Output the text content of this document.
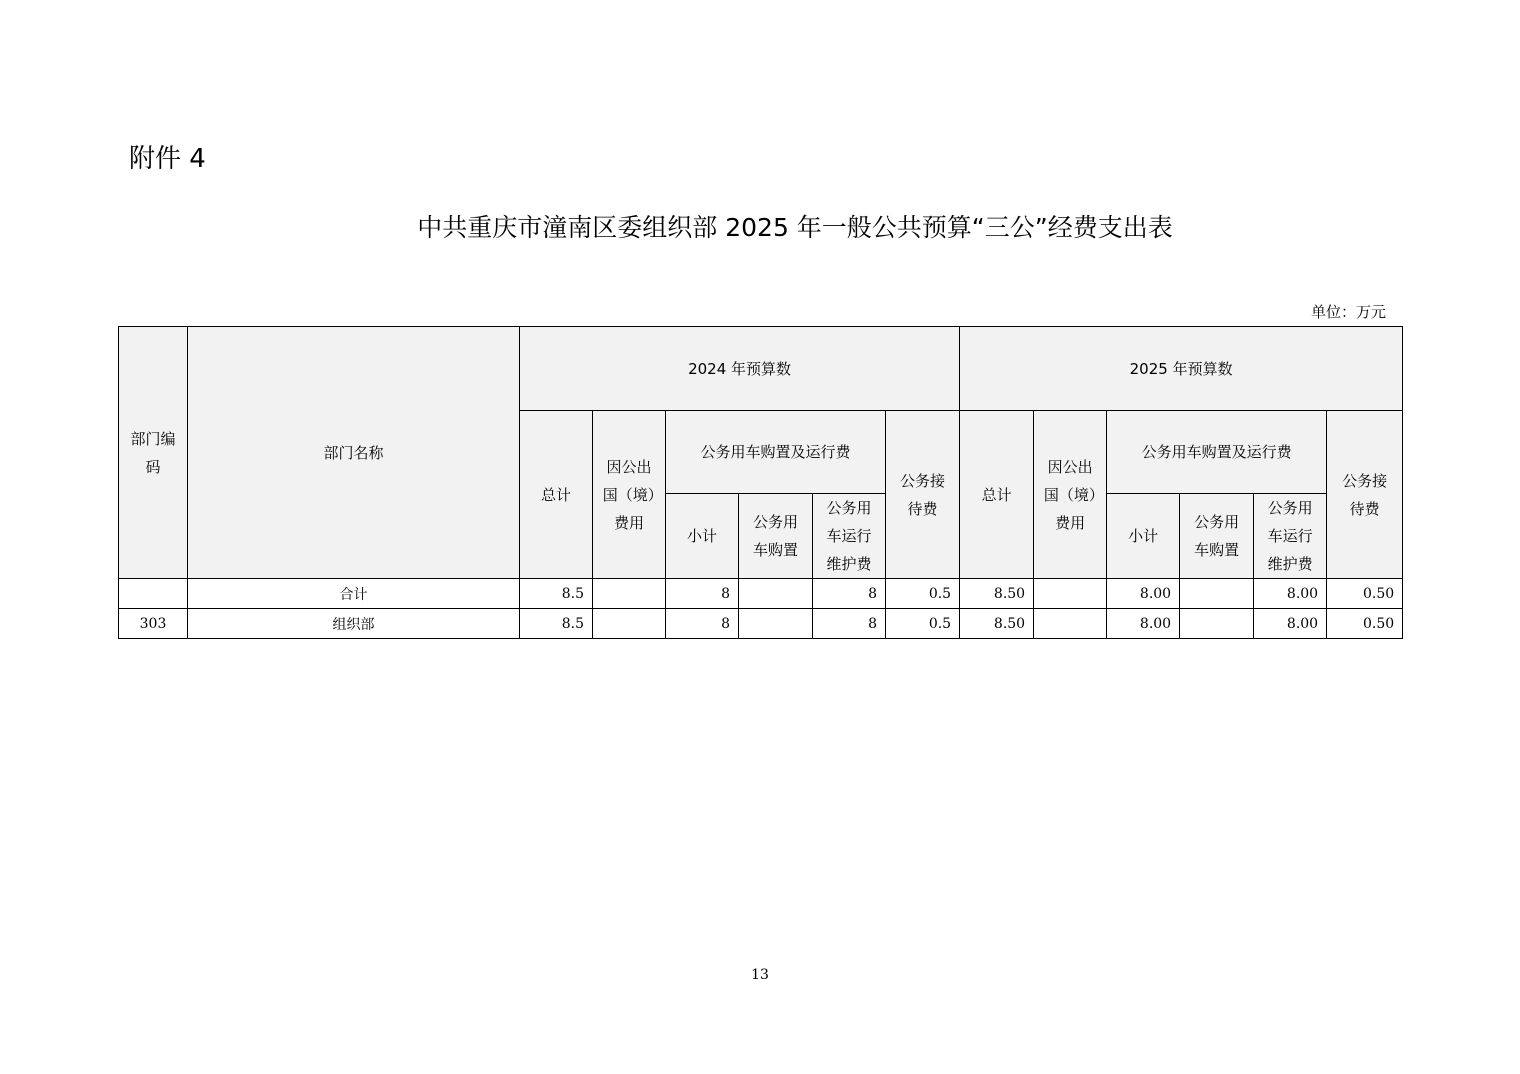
附件 4
中共重庆市潼南区委组织部 2025 年一般公共预算“三公”经费支出表
单位：万元
部门编码	部门名称	2024 年预算数						2025 年预算数					
		总计	因公出国（境）费用	公务用车购置及运行费			公务接待费	总计	因公出国（境）费用	公务用车购置及运行费			公务接待费
				小计	公务用车购置	公务用车运行维护费				小计	公务用车购置	公务用车运行维护费	
	合计	8.5		8		8	0.5	8.50		8.00		8.00	0.50
303	组织部	8.5		8		8	0.5	8.50		8.00		8.00	0.50
13
